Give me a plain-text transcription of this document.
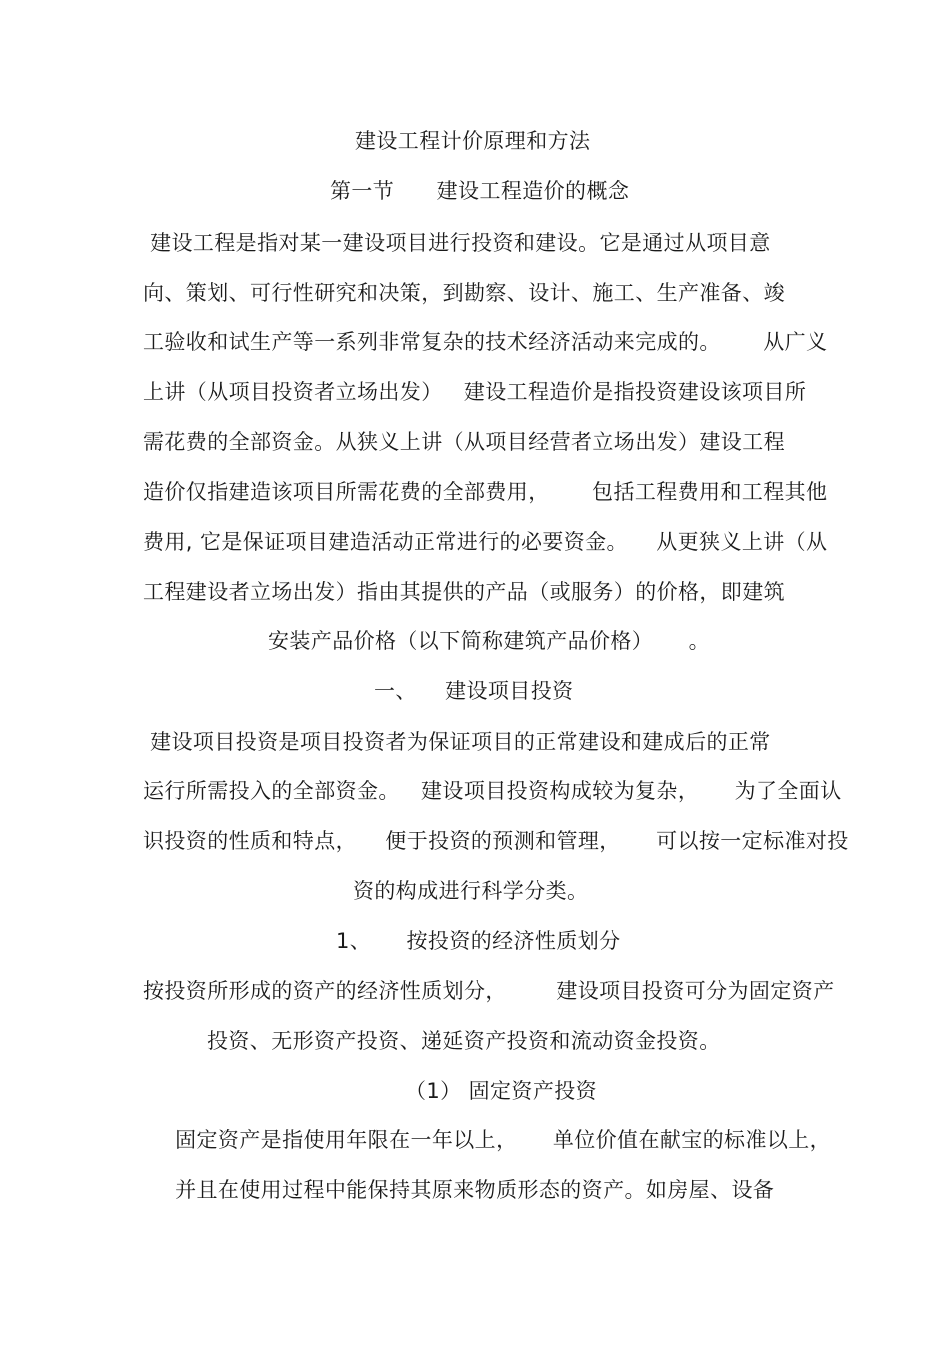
建设工程计价原理和方法
第一节      建设工程造价的概念
建设工程是指对某一建设项目进行投资和建设。它是通过从项目意
向、策划、可行性研究和决策，到勘察、设计、施工、生产准备、竣
工验收和试生产等一系列非常复杂的技术经济活动来完成的。      从广义
上讲（从项目投资者立场出发）   建设工程造价是指投资建设该项目所
需花费的全部资金。从狭义上讲（从项目经营者立场出发）建设工程
造价仅指建造该项目所需花费的全部费用，      包括工程费用和工程其他
费用, 它是保证项目建造活动正常进行的必要资金。    从更狭义上讲（从
工程建设者立场出发）指由其提供的产品（或服务）的价格，即建筑
安装产品价格（以下简称建筑产品价格）     。
一、    建设项目投资
建设项目投资是项目投资者为保证项目的正常建设和建成后的正常
运行所需投入的全部资金。   建设项目投资构成较为复杂，     为了全面认
识投资的性质和特点，    便于投资的预测和管理，     可以按一定标准对投
资的构成进行科学分类。
1、     按投资的经济性质划分
按投资所形成的资产的经济性质划分，       建设项目投资可分为固定资产
投资、无形资产投资、递延资产投资和流动资金投资。
（1） 固定资产投资
固定资产是指使用年限在一年以上，     单位价值在献宝的标准以上，
并且在使用过程中能保持其原来物质形态的资产。如房屋、设备
